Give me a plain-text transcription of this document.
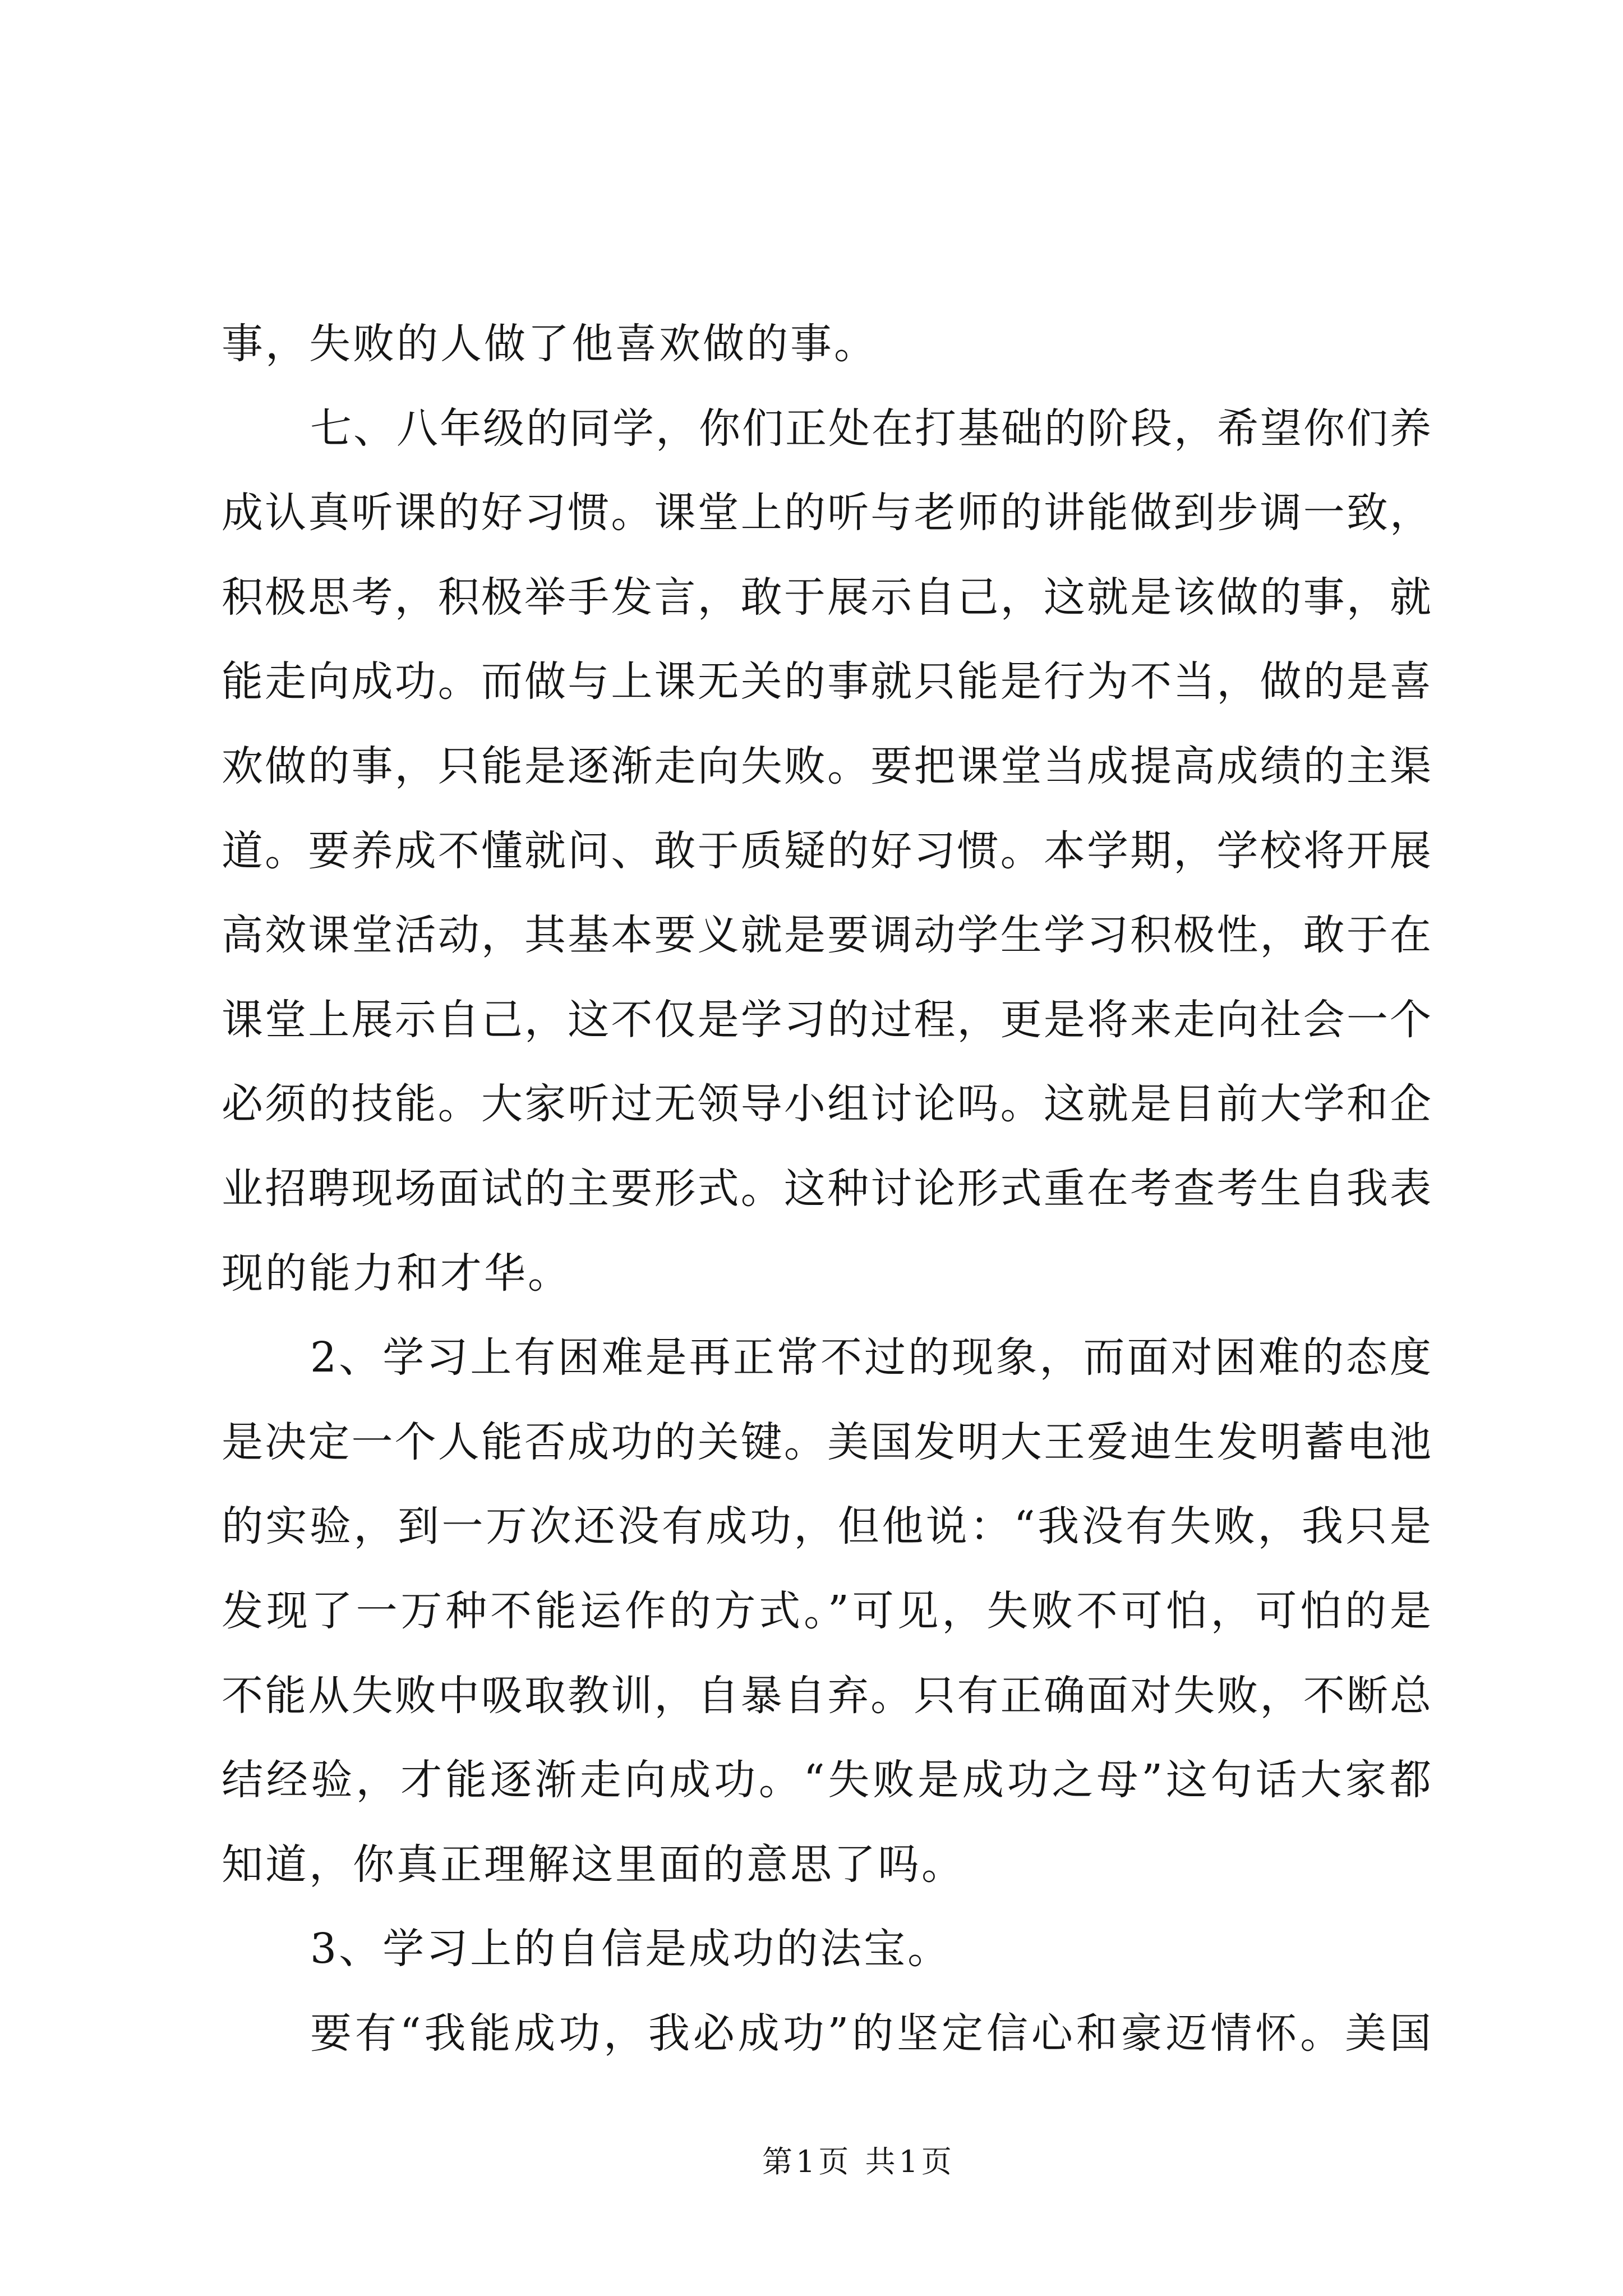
事，失败的人做了他喜欢做的事。
七、八年级的同学，你们正处在打基础的阶段，希望你们养
成认真听课的好习惯。课堂上的听与老师的讲能做到步调一致，
积极思考，积极举手发言，敢于展示自己，这就是该做的事，就
能走向成功。而做与上课无关的事就只能是行为不当，做的是喜
欢做的事，只能是逐渐走向失败。要把课堂当成提高成绩的主渠
道。要养成不懂就问、敢于质疑的好习惯。本学期，学校将开展
高效课堂活动，其基本要义就是要调动学生学习积极性，敢于在
课堂上展示自己，这不仅是学习的过程，更是将来走向社会一个
必须的技能。大家听过无领导小组讨论吗。这就是目前大学和企
业招聘现场面试的主要形式。这种讨论形式重在考查考生自我表
现的能力和才华。
2、学习上有困难是再正常不过的现象，而面对困难的态度
是决定一个人能否成功的关键。美国发明大王爱迪生发明蓄电池
的实验，到一万次还没有成功，但他说：“我没有失败，我只是
发现了一万种不能运作的方式。”可见，失败不可怕，可怕的是
不能从失败中吸取教训，自暴自弃。只有正确面对失败，不断总
结经验，才能逐渐走向成功。“失败是成功之母”这句话大家都
知道，你真正理解这里面的意思了吗。
3、学习上的自信是成功的法宝。
要有“我能成功，我必成功”的坚定信心和豪迈情怀。美国
第1页 共1页
